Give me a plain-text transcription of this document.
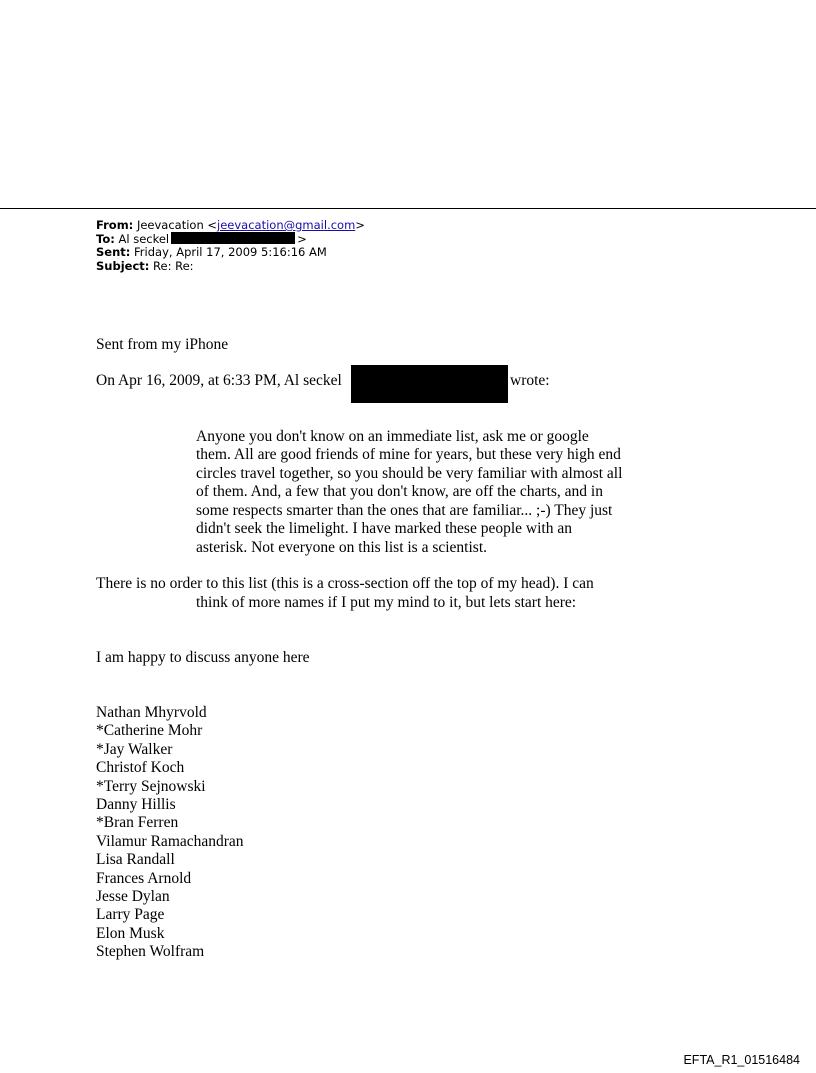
From: Jeevacation <jeevacation@gmail.com>
To: Al seckel	>
Sent: Friday, April 17, 2009 5:16:16 AM
Subject: Re: Re:
Sent from my iPhone
On Apr 16, 2009, at 6:33 PM, Al seckel	wrote:
Anyone you don't know on an immediate list, ask me or google
them. All are good friends of mine for years, but these very high end
circles travel together, so you should be very familiar with almost all
of them. And, a few that you don't know, are off the charts, and in
some respects smarter than the ones that are familiar... ;-) They just
didn't seek the limelight. I have marked these people with an
asterisk. Not everyone on this list is a scientist.
There is no order to this list (this is a cross-section off the top of my head). I can
think of more names if I put my mind to it, but lets start here:
I am happy to discuss anyone here
Nathan Mhyrvold
*Catherine Mohr
*Jay Walker
Christof Koch
*Terry Sejnowski
Danny Hillis
*Bran Ferren
Vilamur Ramachandran
Lisa Randall
Frances Arnold
Jesse Dylan
Larry Page
Elon Musk
Stephen Wolfram
EFTA_R1_01516484
